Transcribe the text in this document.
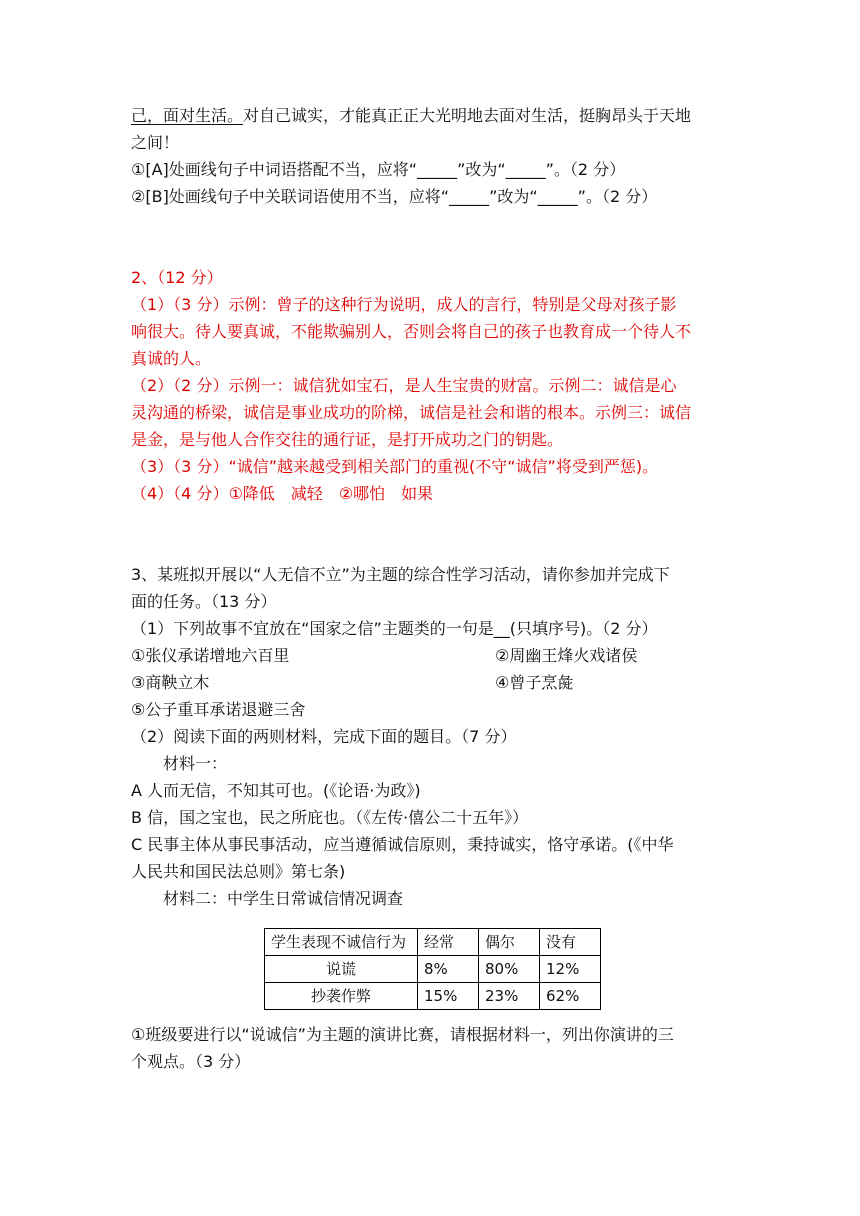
己，面对生活。对自己诚实，才能真正正大光明地去面对生活，挺胸昂头于天地
之间！
①[A]处画线句子中词语搭配不当，应将“_____”改为“_____”。（2 分）
②[B]处画线句子中关联词语使用不当，应将“_____”改为“_____”。（2 分）
2、（12 分）
（1）（3 分）示例：曾子的这种行为说明，成人的言行，特别是父母对孩子影
响很大。待人要真诚，不能欺骗别人，否则会将自己的孩子也教育成一个待人不
真诚的人。
（2）（2 分）示例一：诚信犹如宝石，是人生宝贵的财富。示例二：诚信是心
灵沟通的桥梁，诚信是事业成功的阶梯，诚信是社会和谐的根本。示例三：诚信
是金，是与他人合作交往的通行证，是打开成功之门的钥匙。
（3）（3 分）“诚信”越来越受到相关部门的重视(不守“诚信”将受到严惩)。
（4）（4 分）①降低　减轻　②哪怕　如果
3、某班拟开展以“人无信不立”为主题的综合性学习活动，请你参加并完成下
面的任务。（13 分）
（1）下列故事不宜放在“国家之信”主题类的一句是__(只填序号)。（2 分）
①张仪承诺增地六百里	②周幽王烽火戏诸侯
③商鞅立木	④曾子烹彘
⑤公子重耳承诺退避三舍
（2）阅读下面的两则材料，完成下面的题目。（7 分）
材料一：
A 人而无信，不知其可也。(《论语·为政》)
B 信，国之宝也，民之所庇也。（《左传·僖公二十五年》）
C 民事主体从事民事活动，应当遵循诚信原则，秉持诚实，恪守承诺。(《中华
人民共和国民法总则》第七条)
材料二：中学生日常诚信情况调查
学生表现不诚信行为	经常	偶尔	没有
说谎	8%	80%	12%
抄袭作弊	15%	23%	62%
①班级要进行以“说诚信”为主题的演讲比赛，请根据材料一，列出你演讲的三
个观点。（3 分）
